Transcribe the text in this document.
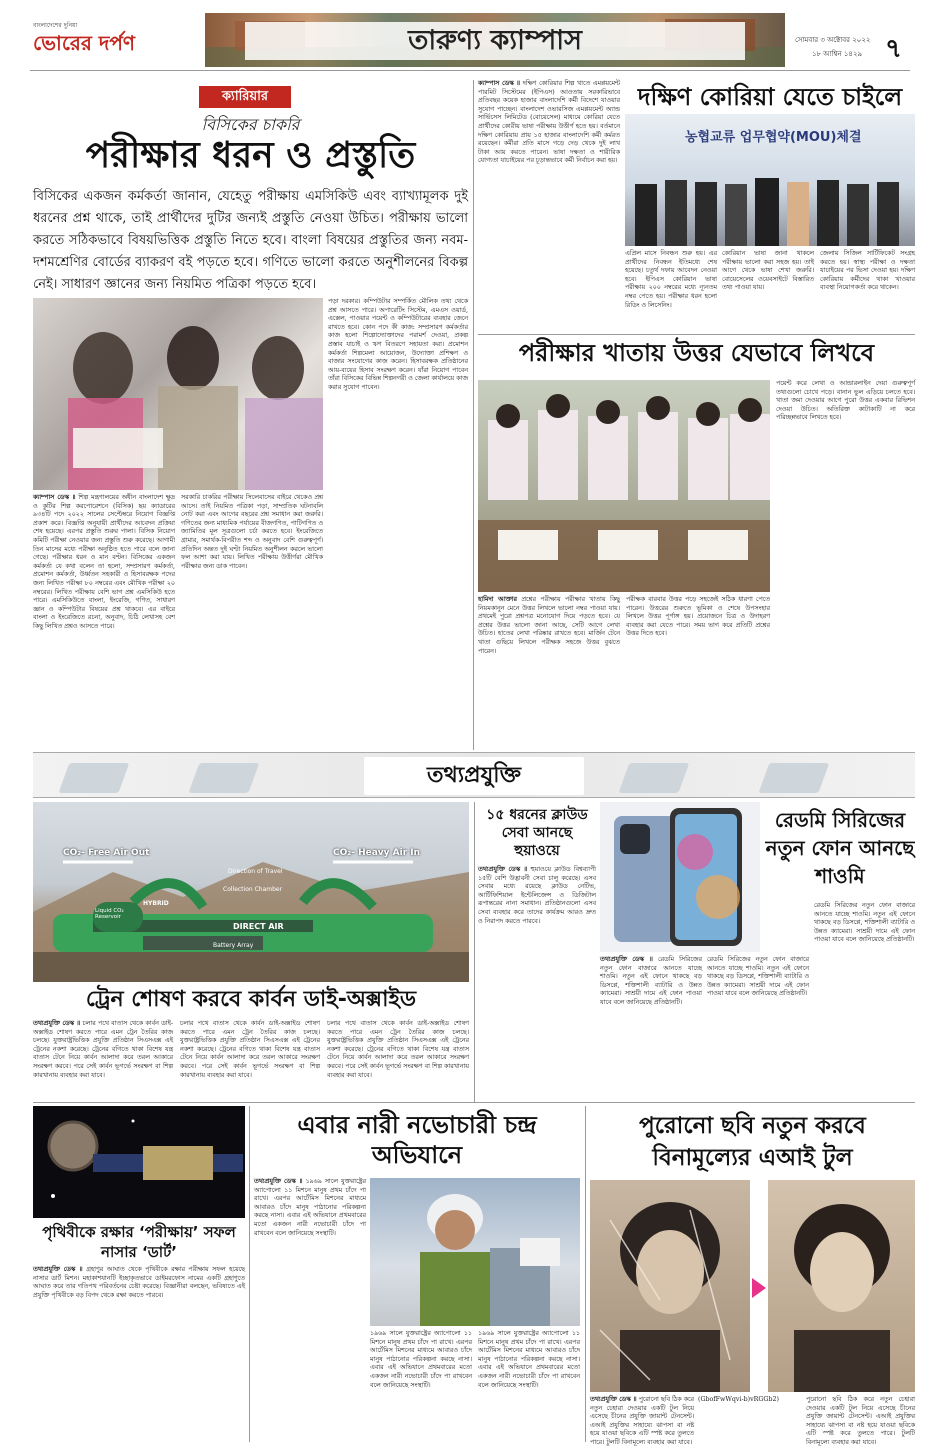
বাংলাদেশের দুনিয়া
ভোরের দর্পণ	তারুণ্য ক্যাম্পাস	সোমবার ৩ অক্টোবর ২০২২
১৮ আশ্বিন ১৪২৯ ৭
ক্যারিয়ার
বিসিকের চাকরি
পরীক্ষার ধরন ও প্রস্তুতি
বিসিকের একজন কর্মকর্তা জানান, যেহেতু পরীক্ষায় এমসিকিউ এবং ব্যাখ্যামূলক দুই ধরনের প্রশ্ন থাকে, তাই প্রার্থীদের দুটির জন্যই প্রস্তুতি নেওয়া উচিত। পরীক্ষায় ভালো করতে সঠিকভাবে বিষয়ভিত্তিক প্রস্তুতি নিতে হবে। বাংলা বিষয়ের প্রস্তুতির জন্য নবম-দশমশ্রেণির বোর্ডের ব্যাকরণ বই পড়তে হবে। গণিতে ভালো করতে অনুশীলনের বিকল্প নেই। সাধারণ জ্ঞানের জন্য নিয়মিত পত্রিকা পড়তে হবে।
ক্যাম্পাস ডেস্ক ॥ শিল্প মন্ত্রণালয়ের অধীন বাংলাদেশ ক্ষুদ্র ও কুটির শিল্প করপোরেশনে (বিসিক) ছয় ক্যাডারের ৯৩৪টি পদে ২০২২ সালের সেপ্টেম্বরে নিয়োগ বিজ্ঞপ্তি প্রকাশ করে। বিজ্ঞপ্তি অনুযায়ী প্রার্থীদের আবেদন প্রক্রিয়া শেষ হয়েছে। এরপর প্রস্তুতি শুরুর পালা। বিসিক নিয়োগ কমিটি পরীক্ষা নেওয়ার জন্য প্রস্তুতি শুরু করেছে। আগামী তিন মাসের মধ্যে পরীক্ষা অনুষ্ঠিত হতে পারে বলে জানা গেছে। পরীক্ষার ধরন ও মান বণ্টন। বিসিকের একজন কর্মকর্তা যে কথা বলেন তা হলো, সম্প্রসারণ কর্মকর্তা, প্রমোশন কর্মকর্তা, উর্ধ্বতন সহকারী ও হিসাবরক্ষক পদের জন্য লিখিত পরীক্ষা ৮০ নম্বরের এবং মৌখিক পরীক্ষা ২০ নম্বরের। লিখিত পরীক্ষায় বেশি ভাগ প্রশ্ন এমসিকিউ হতে পারে। এমসিকিউতে বাংলা, ইংরেজি, গণিত, সাধারণ জ্ঞান ও কম্পিউটার বিষয়ের প্রশ্ন থাকবে। এর বাইরে বাংলা ও ইংরেজিতে রচনা, অনুবাদ, চিঠি লেখাসহ বেশ কিছু লিখিত প্রশ্নও আসতে পারে।
সরকারি চাকরির পরীক্ষায় সিলেবাসের বাইরে থেকেও প্রশ্ন আসে। তাই নিয়মিত পত্রিকা পড়া, সাম্প্রতিক ঘটনাবলি নোট করা এবং আগের বছরের প্রশ্ন সমাধান করা জরুরি। গণিতের জন্য মাধ্যমিক পর্যায়ের বীজগণিত, পাটিগণিত ও জ্যামিতির মূল সূত্রগুলো চর্চা করতে হবে। ইংরেজিতে গ্রামার, সমার্থক-বিপরীত শব্দ ও অনুবাদ বেশি গুরুত্বপূর্ণ। প্রতিদিন অন্তত দুই ঘণ্টা নিয়মিত অনুশীলন করলে ভালো ফল আশা করা যায়। লিখিত পরীক্ষায় উত্তীর্ণরা মৌখিক পরীক্ষার জন্য ডাক পাবেন।
পড়া দরকার। কম্পিউটার সম্পর্কিত মৌলিক তথ্য থেকে প্রশ্ন আসতে পারে। অপারেটিং সিস্টেম, এমএস ওয়ার্ড, এক্সেল, পাওয়ার পয়েন্ট ও কম্পিউটারের ব্যবহার জেনে রাখতে হবে। কোন পদে কী কাজ: সম্প্রসারণ কর্মকর্তার কাজ হলো শিল্পোদ্যোক্তাদের পরামর্শ দেওয়া, প্রকল্প প্রস্তাব যাচাই ও ঋণ বিতরণে সহায়তা করা। প্রমোশন কর্মকর্তা শিল্পমেলা আয়োজন, উদ্যোক্তা প্রশিক্ষণ ও বাজার সংযোগের কাজ করেন। হিসাবরক্ষক প্রতিষ্ঠানের আয়-ব্যয়ের হিসাব সংরক্ষণ করেন। যাঁরা নিয়োগ পাবেন তাঁরা বিসিকের বিভিন্ন শিল্পনগরী ও জেলা কার্যালয়ে কাজ করার সুযোগ পাবেন।
ক্যাম্পাস ডেস্ক ॥ দক্ষিণ কোরিয়ার শিল্প খাতে এমপ্লয়মেন্ট পারমিট সিস্টেমের (ইপিএস) আওতায় সরকারিভাবে প্রতিবছর কয়েক হাজার বাংলাদেশি কর্মী বিদেশে যাওয়ার সুযোগ পাচ্ছেন। বাংলাদেশ ওভারসিজ এমপ্লয়মেন্ট অ্যান্ড সার্ভিসেস লিমিটেড (বোয়েসেল) মাধ্যমে কোরিয়া যেতে প্রার্থীদের কোরীয় ভাষা পরীক্ষায় উত্তীর্ণ হতে হয়। বর্তমানে দক্ষিণ কোরিয়ায় প্রায় ১৫ হাজার বাংলাদেশি কর্মী কর্মরত রয়েছেন। কর্মীরা প্রতি মাসে গড়ে দেড় থেকে দুই লাখ টাকা আয় করতে পারেন। ভাষা দক্ষতা ও শারীরিক যোগ্যতা যাচাইয়ের পর চূড়ান্তভাবে কর্মী নির্বাচন করা হয়।
দক্ষিণ কোরিয়া যেতে চাইলে
농협교류 업무협약(MOU)체결
এপ্রিল মাসে নিবন্ধন শুরু হয়। এর প্রার্থীদের নিবন্ধন ইতিমধ্যে শেষ হয়েছে। চতুর্থ দফায় আবেদন নেওয়া হবে। ইপিএস কোরিয়ান ভাষা পরীক্ষায় ২০০ নম্বরের মধ্যে ন্যূনতম নম্বর পেতে হয়। পরীক্ষার ধরন হলো রিডিং ও লিসেনিং।
কোরিয়ান ভাষা জানা থাকলে পরীক্ষায় ভালো করা সহজ হয়। তাই আগে থেকে ভাষা শেখা জরুরি। বোয়েসেলের ওয়েবসাইটে বিস্তারিত তথ্য পাওয়া যায়।
জেলায় সিজিল সার্টিফিকেট সংগ্রহ করতে হয়। স্বাস্থ্য পরীক্ষা ও দক্ষতা যাচাইয়ের পর ভিসা দেওয়া হয়। দক্ষিণ কোরিয়ায় কর্মীদের থাকা খাওয়ার ব্যবস্থা নিয়োগকর্তা করে থাকেন।
পরীক্ষার খাতায় উত্তর যেভাবে লিখবে
পয়েন্ট করে লেখা ও আন্ডারলাইন দেয়া গুরুত্বপূর্ণ তথ্যগুলো চোখে পড়ে। বানান ভুল এড়িয়ে চলতে হবে। খাতা জমা দেওয়ার আগে পুরো উত্তর একবার রিভিশন দেওয়া উচিত। অতিরিক্ত কাটাকাটি না করে পরিচ্ছন্নভাবে লিখতে হবে।
হামিদা আক্তার প্রশ্নের পরীক্ষায় পরীক্ষার খাতায় কিছু নিয়মকানুন মেনে উত্তর লিখলে ভালো নম্বর পাওয়া যায়। প্রথমেই পুরো প্রশ্নপত্র মনোযোগ দিয়ে পড়তে হবে। যে প্রশ্নের উত্তর ভালো জানা আছে, সেটি আগে লেখা উচিত। হাতের লেখা পরিষ্কার রাখতে হবে। মার্জিন টেনে খাতা গুছিয়ে লিখলে পরীক্ষক সহজে উত্তর বুঝতে পারেন।
পরীক্ষক বারবার উত্তর পড়ে সহজেই সঠিক ধারণা পেতে পারেন। উত্তরের শুরুতে ভূমিকা ও শেষে উপসংহার লিখলে উত্তর পূর্ণাঙ্গ হয়। প্রয়োজনে চিত্র ও উদাহরণ ব্যবহার করা যেতে পারে। সময় ভাগ করে প্রতিটি প্রশ্নের উত্তর দিতে হবে।
তথ্যপ্রযুক্তি
CO₂- Free Air Out	CO₂- Heavy Air In
Direction of Travel
Collection Chamber
HYBRID
Liquid CO₂ Reservoir
DIRECT AIR
Battery Array
ট্রেন শোষণ করবে কার্বন ডাই-অক্সাইড
তথ্যপ্রযুক্তি ডেস্ক ॥ চলার পথে বাতাস থেকে কার্বন ডাই-অক্সাইড শোষণ করতে পারে এমন ট্রেন তৈরির কাজ চলছে। যুক্তরাষ্ট্রভিত্তিক প্রযুক্তি প্রতিষ্ঠান সিএসএক্স এই ট্রেনের নকশা করেছে। ট্রেনের বগিতে থাকা বিশেষ যন্ত্র বাতাস টেনে নিয়ে কার্বন আলাদা করে তরল আকারে সংরক্ষণ করবে। পরে সেই কার্বন ভূগর্ভে সংরক্ষণ বা শিল্প কারখানায় ব্যবহার করা যাবে।
চলার পথে বাতাস থেকে কার্বন ডাই-অক্সাইড শোষণ করতে পারে এমন ট্রেন তৈরির কাজ চলছে। যুক্তরাষ্ট্রভিত্তিক প্রযুক্তি প্রতিষ্ঠান সিএসএক্স এই ট্রেনের নকশা করেছে। ট্রেনের বগিতে থাকা বিশেষ যন্ত্র বাতাস টেনে নিয়ে কার্বন আলাদা করে তরল আকারে সংরক্ষণ করবে। পরে সেই কার্বন ভূগর্ভে সংরক্ষণ বা শিল্প কারখানায় ব্যবহার করা যাবে।
চলার পথে বাতাস থেকে কার্বন ডাই-অক্সাইড শোষণ করতে পারে এমন ট্রেন তৈরির কাজ চলছে। যুক্তরাষ্ট্রভিত্তিক প্রযুক্তি প্রতিষ্ঠান সিএসএক্স এই ট্রেনের নকশা করেছে। ট্রেনের বগিতে থাকা বিশেষ যন্ত্র বাতাস টেনে নিয়ে কার্বন আলাদা করে তরল আকারে সংরক্ষণ করবে। পরে সেই কার্বন ভূগর্ভে সংরক্ষণ বা শিল্প কারখানায় ব্যবহার করা যাবে।
১৫ ধরনের ক্লাউড সেবা আনছে হুয়াওয়ে
তথ্যপ্রযুক্তি ডেস্ক ॥ হুয়াওয়ে ক্লাউড বিশ্বব্যাপী ১৫টি বেশি উদ্ভাবনী সেবা চালু করেছে। এসব সেবার মধ্যে রয়েছে ক্লাউড নেটিভ, আর্টিফিশিয়াল ইন্টেলিজেন্স ও ডিজিটাল রূপান্তরের নানা সমাধান। প্রতিষ্ঠানগুলো এসব সেবা ব্যবহার করে তাদের কার্যক্রম আরও দ্রুত ও নিরাপদ করতে পারবে।
রেডমি সিরিজের নতুন ফোন আনছে শাওমি
তথ্যপ্রযুক্তি ডেস্ক ॥ রেডমি সিরিজের নতুন ফোন বাজারে আনতে যাচ্ছে শাওমি। নতুন এই ফোনে থাকছে বড় ডিসপ্লে, শক্তিশালী ব্যাটারি ও উন্নত ক্যামেরা। সাশ্রয়ী দামে এই ফোন পাওয়া যাবে বলে জানিয়েছে প্রতিষ্ঠানটি।
রেডমি সিরিজের নতুন ফোন বাজারে আনতে যাচ্ছে শাওমি। নতুন এই ফোনে থাকছে বড় ডিসপ্লে, শক্তিশালী ব্যাটারি ও উন্নত ক্যামেরা। সাশ্রয়ী দামে এই ফোন পাওয়া যাবে বলে জানিয়েছে প্রতিষ্ঠানটি।
রেডমি সিরিজের নতুন ফোন বাজারে আনতে যাচ্ছে শাওমি। নতুন এই ফোনে থাকছে বড় ডিসপ্লে, শক্তিশালী ব্যাটারি ও উন্নত ক্যামেরা। সাশ্রয়ী দামে এই ফোন পাওয়া যাবে বলে জানিয়েছে প্রতিষ্ঠানটি।
পৃথিবীকে রক্ষার ‘পরীক্ষায়’ সফল নাসার ‘ডার্ট’
তথ্যপ্রযুক্তি ডেস্ক ॥ গ্রহাণুর আঘাত থেকে পৃথিবীকে রক্ষার পরীক্ষায় সফল হয়েছে নাসার ডার্ট মিশন। মহাকাশযানটি ইচ্ছাকৃতভাবে ডাইমরফোস নামের একটি গ্রহাণুতে আঘাত করে তার গতিপথ পরিবর্তনের চেষ্টা করেছে। বিজ্ঞানীরা বলছেন, ভবিষ্যতে এই প্রযুক্তি পৃথিবীকে বড় বিপদ থেকে রক্ষা করতে পারবে।
এবার নারী নভোচারী চন্দ্র অভিযানে
তথ্যপ্রযুক্তি ডেস্ক ॥ ১৯৬৯ সালে যুক্তরাষ্ট্রের অ্যাপোলো ১১ মিশনে মানুষ প্রথম চাঁদে পা রাখে। এরপর আর্টেমিস মিশনের মাধ্যমে আবারও চাঁদে মানুষ পাঠানোর পরিকল্পনা করছে নাসা। এবার এই অভিযানে প্রথমবারের মতো একজন নারী নভোচারী চাঁদে পা রাখবেন বলে জানিয়েছে সংস্থাটি।
১৯৬৯ সালে যুক্তরাষ্ট্রের অ্যাপোলো ১১ মিশনে মানুষ প্রথম চাঁদে পা রাখে। এরপর আর্টেমিস মিশনের মাধ্যমে আবারও চাঁদে মানুষ পাঠানোর পরিকল্পনা করছে নাসা। এবার এই অভিযানে প্রথমবারের মতো একজন নারী নভোচারী চাঁদে পা রাখবেন বলে জানিয়েছে সংস্থাটি।
১৯৬৯ সালে যুক্তরাষ্ট্রের অ্যাপোলো ১১ মিশনে মানুষ প্রথম চাঁদে পা রাখে। এরপর আর্টেমিস মিশনের মাধ্যমে আবারও চাঁদে মানুষ পাঠানোর পরিকল্পনা করছে নাসা। এবার এই অভিযানে প্রথমবারের মতো একজন নারী নভোচারী চাঁদে পা রাখবেন বলে জানিয়েছে সংস্থাটি।
পুরোনো ছবি নতুন করবে বিনামূল্যের এআই টুল
তথ্যপ্রযুক্তি ডেস্ক ॥ পুরোনো ছবি ঠিক করে নতুন চেহারা দেওয়ার একটি টুল নিয়ে এসেছে চীনের প্রযুক্তি জায়ান্ট টেনসেন্ট। এআই প্রযুক্তির সাহায্যে ঝাপসা বা নষ্ট হয়ে যাওয়া ছবিকে এটি স্পষ্ট করে তুলতে পারে। টুলটি বিনামূল্যে ব্যবহার করা যাবে।
(GbofFwWqvi-b)vRGGb2)	পুরোনো ছবি ঠিক করে নতুন চেহারা দেওয়ার একটি টুল নিয়ে এসেছে চীনের প্রযুক্তি জায়ান্ট টেনসেন্ট। এআই প্রযুক্তির সাহায্যে ঝাপসা বা নষ্ট হয়ে যাওয়া ছবিকে এটি স্পষ্ট করে তুলতে পারে। টুলটি বিনামূল্যে ব্যবহার করা যাবে।
